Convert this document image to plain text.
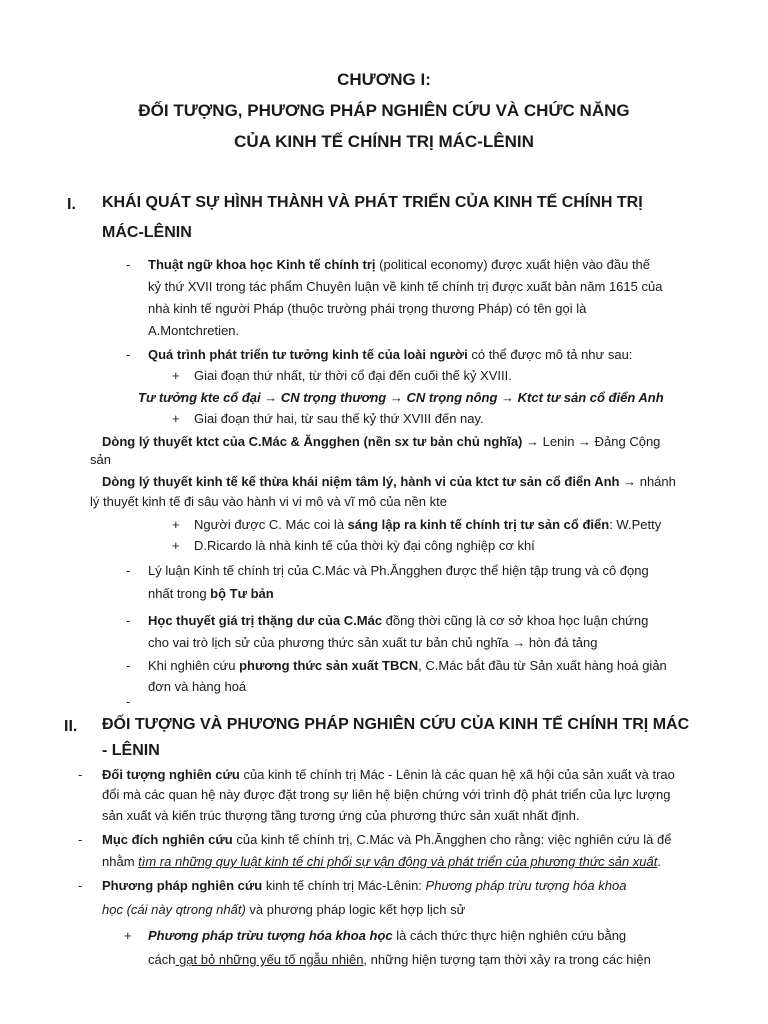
CHƯƠNG I:
ĐỐI TƯỢNG, PHƯƠNG PHÁP NGHIÊN CỨU VÀ CHỨC NĂNG
CỦA KINH TẾ CHÍNH TRỊ MÁC-LÊNIN
I. KHÁI QUÁT SỰ HÌNH THÀNH VÀ PHÁT TRIỂN CỦA KINH TẾ CHÍNH TRỊ
MÁC-LÊNIN
- Thuật ngữ khoa học Kinh tế chính trị (political economy) được xuất hiện vào đầu thế
kỷ thứ XVII trong tác phẩm Chuyên luận về kinh tế chính trị được xuất bản năm 1615 của
nhà kinh tế người Pháp (thuộc trường phái trọng thương Pháp) có tên gọi là
A.Montchretien.
- Quá trình phát triển tư tưởng kinh tế của loài người có thể được mô tả như sau:
+ Giai đoạn thứ nhất, từ thời cổ đại đến cuối thế kỷ XVIII.
Tư tưởng kte cổ đại → CN trọng thương → CN trọng nông → Ktct tư sản cổ điển Anh
+ Giai đoạn thứ hai, từ sau thế kỷ thứ XVIII đến nay.
Dòng lý thuyết ktct của C.Mác & Ăngghen (nền sx tư bản chủ nghĩa) → Lenin → Đảng Cộng
sản
Dòng lý thuyết kinh tế kế thừa khái niệm tâm lý, hành vi của ktct tư sản cổ điển Anh → nhánh
lý thuyết kinh tế đi sâu vào hành vi vi mô và vĩ mô của nền kte
+ Người được C. Mác coi là sáng lập ra kinh tế chính trị tư sản cổ điển: W.Petty
+ D.Ricardo là nhà kinh tế của thời kỳ đại công nghiệp cơ khí
- Lý luận Kinh tế chính trị của C.Mác và Ph.Ăngghen được thể hiện tập trung và cô đọng
nhất trong bộ Tư bản
- Học thuyết giá trị thặng dư của C.Mác đồng thời cũng là cơ sở khoa học luận chứng
cho vai trò lịch sử của phương thức sản xuất tư bản chủ nghĩa → hòn đá tảng
- Khi nghiên cứu phương thức sản xuất TBCN, C.Mác bắt đầu từ Sản xuất hàng hoá giản
đơn và hàng hoá
-
II. ĐỐI TƯỢNG VÀ PHƯƠNG PHÁP NGHIÊN CỨU CỦA KINH TẾ CHÍNH TRỊ MÁC
- LÊNIN
- Đối tượng nghiên cứu của kinh tế chính trị Mác - Lênin là các quan hệ xã hội của sản xuất và trao
đổi mà các quan hệ này được đặt trong sự liên hệ biện chứng với trình độ phát triển của lực lượng
sản xuất và kiến trúc thượng tầng tương ứng của phương thức sản xuất nhất định.
- Mục đích nghiên cứu của kinh tế chính trị, C.Mác và Ph.Ăngghen cho rằng: việc nghiên cứu là để
nhằm tìm ra những quy luật kinh tế chi phối sự vận động và phát triển của phương thức sản xuất.
- Phương pháp nghiên cứu kinh tế chính trị Mác-Lênin: Phương pháp trừu tượng hóa khoa
học (cái này qtrong nhất) và phương pháp logic kết hợp lịch sử
+ Phương pháp trừu tượng hóa khoa học là cách thức thực hiện nghiên cứu bằng
cách gạt bỏ những yếu tố ngẫu nhiên, những hiện tượng tạm thời xảy ra trong các hiện
